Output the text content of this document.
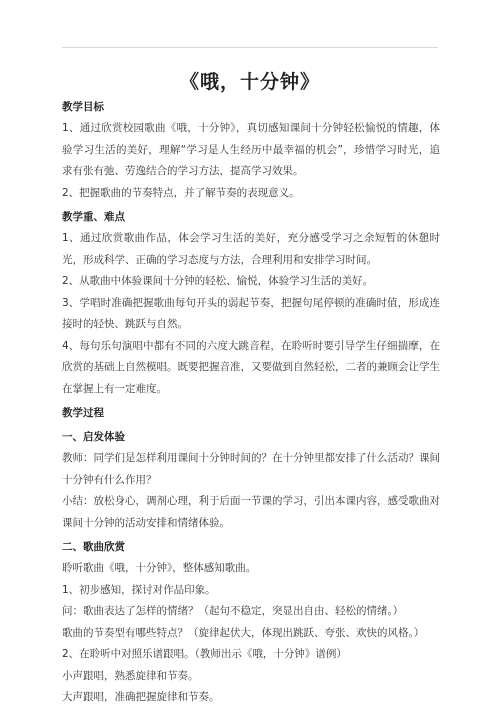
《哦，十分钟》
教学目标
1、通过欣赏校园歌曲《哦，十分钟》，真切感知课间十分钟轻松愉悦的情趣，体验学习生活的美好，理解“学习是人生经历中最幸福的机会”，珍惜学习时光，追求有张有弛、劳逸结合的学习方法，提高学习效果。
2、把握歌曲的节奏特点，并了解节奏的表现意义。
教学重、难点
1、通过欣赏歌曲作品，体会学习生活的美好，充分感受学习之余短暂的休憩时光，形成科学、正确的学习态度与方法，合理利用和安排学习时间。
2、从歌曲中体验课间十分钟的轻松、愉悦，体验学习生活的美好。
3、学唱时准确把握歌曲每句开头的弱起节奏，把握句尾停顿的准确时值，形成连接时的轻快、跳跃与自然。
4、每句乐句演唱中都有不同的六度大跳音程，在聆听时要引导学生仔细揣摩，在欣赏的基础上自然模唱。既要把握音准，又要做到自然轻松，二者的兼顾会让学生在掌握上有一定难度。
教学过程
一、启发体验
教师：同学们是怎样利用课间十分钟时间的？在十分钟里都安排了什么活动？课间十分钟有什么作用？
小结：放松身心，调剂心理，利于后面一节课的学习，引出本课内容，感受歌曲对课间十分钟的活动安排和情绪体验。
二、歌曲欣赏
聆听歌曲《哦，十分钟》，整体感知歌曲。
1、初步感知，探讨对作品印象。
问：歌曲表达了怎样的情绪？（起句不稳定，突显出自由、轻松的情绪。）
歌曲的节奏型有哪些特点？（旋律起伏大，体现出跳跃、夸张、欢快的风格。）
2、在聆听中对照乐谱跟唱。（教师出示《哦，十分钟》谱例）
小声跟唱，熟悉旋律和节奏。
大声跟唱，准确把握旋律和节奏。
